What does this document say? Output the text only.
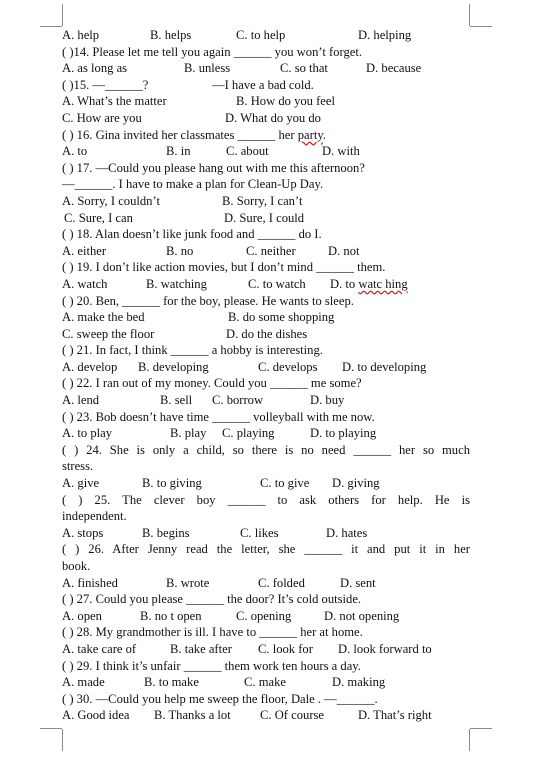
A. help	B. helps	C. to help	D. helping
( )14. Please let me tell you again ______ you won’t forget.
A. as long as	B. unless	C. so that	D. because
( )15. —______?	—I have a bad cold.
A. What’s the matter	B. How do you feel
C. How are you	D. What do you do
( ) 16. Gina invited her classmates ______ her party.
A. to	B. in	C. about	D. with
( ) 17. —Could you please hang out with me this afternoon?
—______. I have to make a plan for Clean-Up Day.
A. Sorry, I couldn’t	B. Sorry, I can’t
C. Sure, I can	D. Sure, I could
( ) 18. Alan doesn’t like junk food and ______ do I.
A. either	B. no	C. neither	D. not
( ) 19. I don’t like action movies, but I don’t mind ______ them.
A. watch	B. watching	C. to watch D. to watc hing
( ) 20. Ben, ______ for the boy, please. He wants to sleep.
A. make the bed	B. do some shopping
C. sweep the floor	D. do the dishes
( ) 21. In fact, I think ______ a hobby is interesting.
A. develop B. developing	C. develops D. to developing
( ) 22. I ran out of my money. Could you ______ me some?
A. lend	B. sell C. borrow	D. buy
( ) 23. Bob doesn’t have time ______ volleyball with me now.
A. to play	B. play C. playing	D. to playing
( ) 24. She is only a child, so there is no need ______ her so much
stress.
A. give	B. to giving	C. to give D. giving
( ) 25. The clever boy ______ to ask others for help. He is
independent.
A. stops	B. begins	C. likes	D. hates
( ) 26. After Jenny read the letter, she ______ it and put it in her
book.
A. finished	B. wrote	C. folded	D. sent
( ) 27. Could you please ______ the door? It’s cold outside.
A. open	B. no t open	C. opening	D. not opening
( ) 28. My grandmother is ill. I have to ______ her at home.
A. take care of	B. take after C. look for D. look forward to
( ) 29. I think it’s unfair ______ them work ten hours a day.
A. made	B. to make	C. make	D. making
( ) 30. —Could you help me sweep the floor, Dale . —______.
A. Good idea B. Thanks a lot C. Of course	D. That’s right
